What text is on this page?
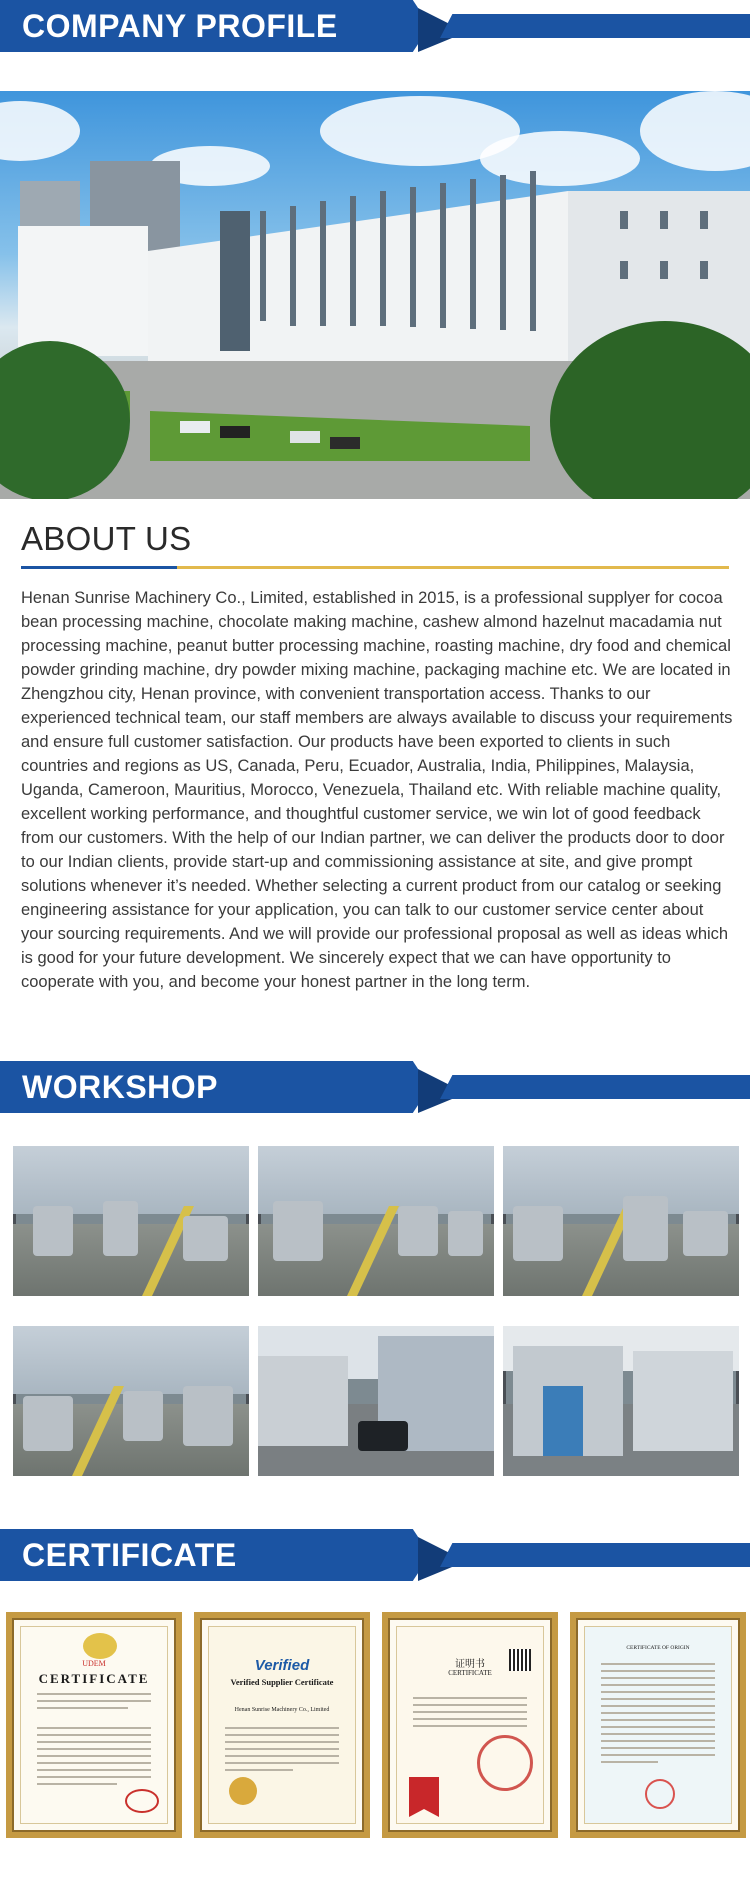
COMPANY PROFILE
ABOUT US
Henan Sunrise Machinery Co., Limited, established in 2015, is a professional supplyer for cocoa bean processing machine, chocolate making machine, cashew almond hazelnut macadamia nut processing machine, peanut butter processing machine, roasting machine, dry food and chemical powder grinding machine, dry powder mixing machine, packaging machine etc. We are located in Zhengzhou city, Henan province, with convenient transportation access. Thanks to our experienced technical team, our staff members are always available to discuss your requirements and ensure full customer satisfaction. Our products have been exported to clients in such countries and regions as US, Canada, Peru, Ecuador, Australia, India, Philippines, Malaysia, Uganda, Cameroon, Mauritius, Morocco, Venezuela, Thailand etc. With reliable machine quality, excellent working performance, and thoughtful customer service, we win lot of good feedback from our customers. With the help of our Indian partner, we can deliver the products door to door to our Indian clients, provide start-up and commissioning assistance at site, and give prompt solutions whenever it’s needed. Whether selecting a current product from our catalog or seeking engineering assistance for your application, you can talk to our customer service center about your sourcing requirements. And we will provide our professional proposal as well as ideas which is good for your future development. We sincerely expect that we can have opportunity to cooperate with you, and become your honest partner in the long term.
WORKSHOP
CERTIFICATE
UDEM
CERTIFICATE
Verified
Verified Supplier Certificate
Henan Sunrise Machinery Co., Limited
证明书
CERTIFICATE
CERTIFICATE OF ORIGIN
